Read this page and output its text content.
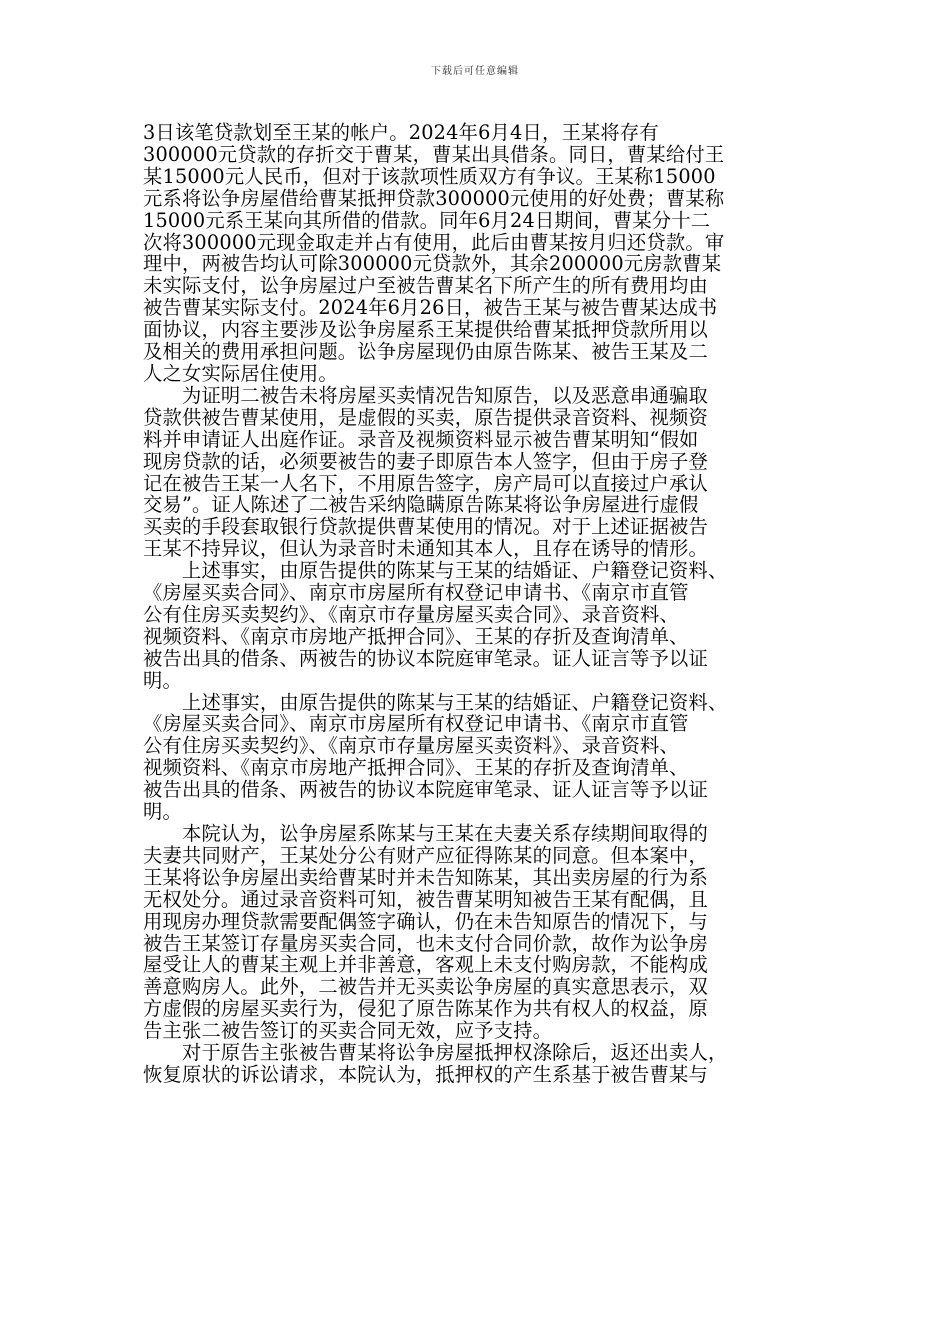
下载后可任意编辑
3日该笔贷款划至王某的帐户。2024年6月4日，王某将存有
300000元贷款的存折交于曹某，曹某出具借条。同日，曹某给付王
某15000元人民币，但对于该款项性质双方有争议。王某称15000
元系将讼争房屋借给曹某抵押贷款300000元使用的好处费；曹某称
15000元系王某向其所借的借款。同年6月24日期间，曹某分十二
次将300000元现金取走并占有使用，此后由曹某按月归还贷款。审
理中，两被告均认可除300000元贷款外，其余200000元房款曹某
未实际支付，讼争房屋过户至被告曹某名下所产生的所有费用均由
被告曹某实际支付。2024年6月26日，被告王某与被告曹某达成书
面协议，内容主要涉及讼争房屋系王某提供给曹某抵押贷款所用以
及相关的费用承担问题。讼争房屋现仍由原告陈某、被告王某及二
人之女实际居住使用。
　　为证明二被告未将房屋买卖情况告知原告，以及恶意串通骗取
贷款供被告曹某使用，是虚假的买卖，原告提供录音资料、视频资
料并申请证人出庭作证。录音及视频资料显示被告曹某明知“假如
现房贷款的话，必须要被告的妻子即原告本人签字，但由于房子登
记在被告王某一人名下，不用原告签字，房产局可以直接过户承认
交易”。证人陈述了二被告采纳隐瞒原告陈某将讼争房屋进行虚假
买卖的手段套取银行贷款提供曹某使用的情况。对于上述证据被告
王某不持异议，但认为录音时未通知其本人，且存在诱导的情形。
　　上述事实，由原告提供的陈某与王某的结婚证、户籍登记资料、
《房屋买卖合同》、南京市房屋所有权登记申请书、《南京市直管
公有住房买卖契约》、《南京市存量房屋买卖合同》、录音资料、
视频资料、《南京市房地产抵押合同》、王某的存折及查询清单、
被告出具的借条、两被告的协议本院庭审笔录。证人证言等予以证
明。
　　上述事实，由原告提供的陈某与王某的结婚证、户籍登记资料、
《房屋买卖合同》、南京市房屋所有权登记申请书、《南京市直管
公有住房买卖契约》、《南京市存量房屋买卖资料》、录音资料、
视频资料、《南京市房地产抵押合同》、王某的存折及查询清单、
被告出具的借条、两被告的协议本院庭审笔录、证人证言等予以证
明。
　　本院认为，讼争房屋系陈某与王某在夫妻关系存续期间取得的
夫妻共同财产，王某处分公有财产应征得陈某的同意。但本案中，
王某将讼争房屋出卖给曹某时并未告知陈某，其出卖房屋的行为系
无权处分。通过录音资料可知，被告曹某明知被告王某有配偶，且
用现房办理贷款需要配偶签字确认，仍在未告知原告的情况下，与
被告王某签订存量房买卖合同，也未支付合同价款，故作为讼争房
屋受让人的曹某主观上并非善意，客观上未支付购房款，不能构成
善意购房人。此外，二被告并无买卖讼争房屋的真实意思表示，双
方虚假的房屋买卖行为，侵犯了原告陈某作为共有权人的权益，原
告主张二被告签订的买卖合同无效，应予支持。
　　对于原告主张被告曹某将讼争房屋抵押权涤除后，返还出卖人，
恢复原状的诉讼请求，本院认为，抵押权的产生系基于被告曹某与
